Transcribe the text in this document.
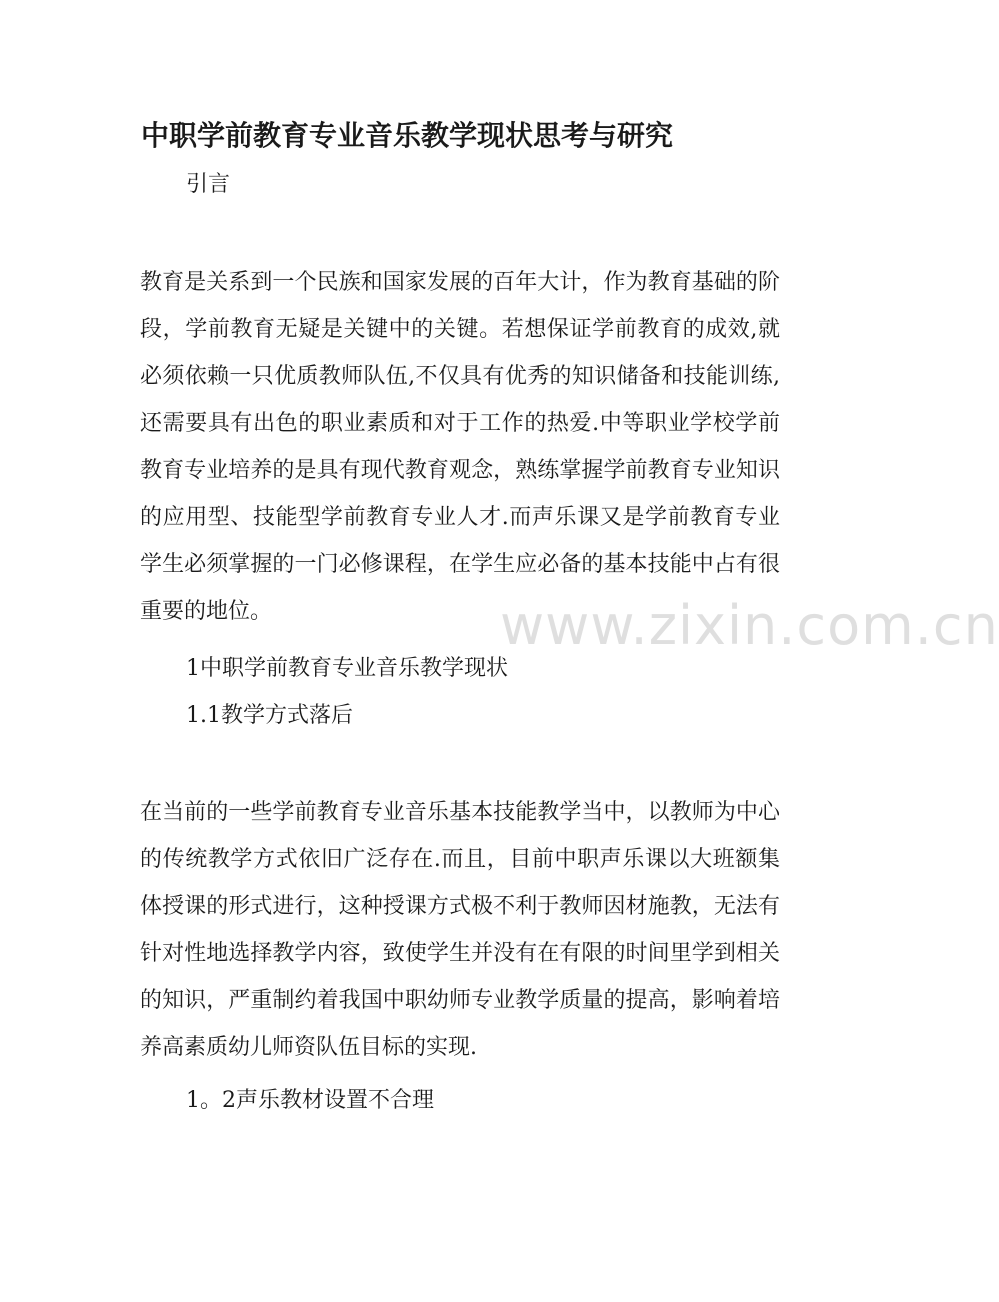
中职学前教育专业音乐教学现状思考与研究

引言

教育是关系到一个民族和国家发展的百年大计，作为教育基础的阶段，学前教育无疑是关键中的关键。若想保证学前教育的成效,就必须依赖一只优质教师队伍,不仅具有优秀的知识储备和技能训练,还需要具有出色的职业素质和对于工作的热爱.中等职业学校学前教育专业培养的是具有现代教育观念，熟练掌握学前教育专业知识的应用型、技能型学前教育专业人才.而声乐课又是学前教育专业学生必须掌握的一门必修课程，在学生应必备的基本技能中占有很重要的地位。

1中职学前教育专业音乐教学现状

1.1教学方式落后

在当前的一些学前教育专业音乐基本技能教学当中，以教师为中心的传统教学方式依旧广泛存在.而且，目前中职声乐课以大班额集体授课的形式进行，这种授课方式极不利于教师因材施教，无法有针对性地选择教学内容，致使学生并没有在有限的时间里学到相关的知识，严重制约着我国中职幼师专业教学质量的提高，影响着培养高素质幼儿师资队伍目标的实现.

1。2声乐教材设置不合理

www.zixin.com.cn
